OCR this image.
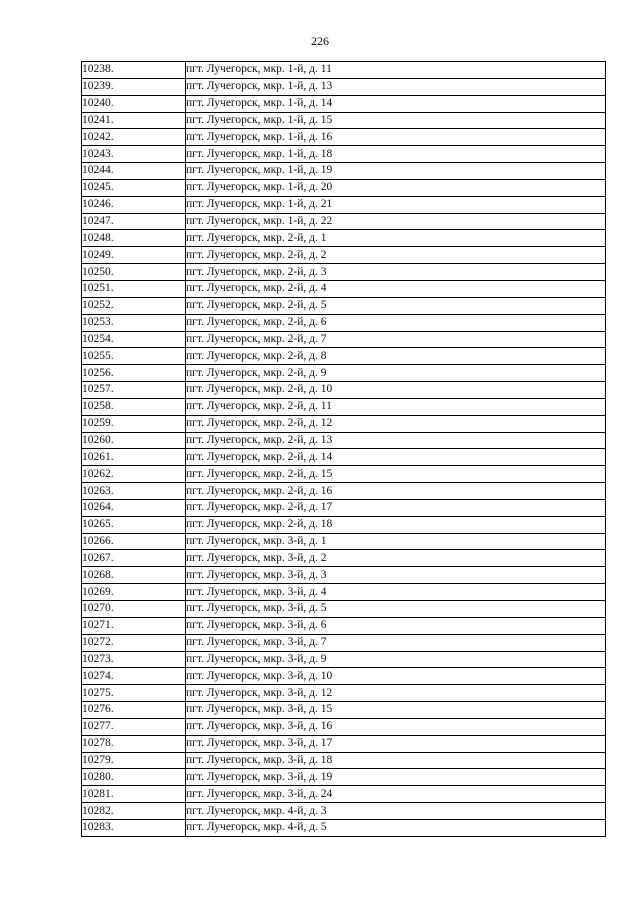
226
10238.	пгт. Лучегорск, мкр. 1-й, д. 11
10239.	пгт. Лучегорск, мкр. 1-й, д. 13
10240.	пгт. Лучегорск, мкр. 1-й, д. 14
10241.	пгт. Лучегорск, мкр. 1-й, д. 15
10242.	пгт. Лучегорск, мкр. 1-й, д. 16
10243.	пгт. Лучегорск, мкр. 1-й, д. 18
10244.	пгт. Лучегорск, мкр. 1-й, д. 19
10245.	пгт. Лучегорск, мкр. 1-й, д. 20
10246.	пгт. Лучегорск, мкр. 1-й, д. 21
10247.	пгт. Лучегорск, мкр. 1-й, д. 22
10248.	пгт. Лучегорск, мкр. 2-й, д. 1
10249.	пгт. Лучегорск, мкр. 2-й, д. 2
10250.	пгт. Лучегорск, мкр. 2-й, д. 3
10251.	пгт. Лучегорск, мкр. 2-й, д. 4
10252.	пгт. Лучегорск, мкр. 2-й, д. 5
10253.	пгт. Лучегорск, мкр. 2-й, д. 6
10254.	пгт. Лучегорск, мкр. 2-й, д. 7
10255.	пгт. Лучегорск, мкр. 2-й, д. 8
10256.	пгт. Лучегорск, мкр. 2-й, д. 9
10257.	пгт. Лучегорск, мкр. 2-й, д. 10
10258.	пгт. Лучегорск, мкр. 2-й, д. 11
10259.	пгт. Лучегорск, мкр. 2-й, д. 12
10260.	пгт. Лучегорск, мкр. 2-й, д. 13
10261.	пгт. Лучегорск, мкр. 2-й, д. 14
10262.	пгт. Лучегорск, мкр. 2-й, д. 15
10263.	пгт. Лучегорск, мкр. 2-й, д. 16
10264.	пгт. Лучегорск, мкр. 2-й, д. 17
10265.	пгт. Лучегорск, мкр. 2-й, д. 18
10266.	пгт. Лучегорск, мкр. 3-й, д. 1
10267.	пгт. Лучегорск, мкр. 3-й, д. 2
10268.	пгт. Лучегорск, мкр. 3-й, д. 3
10269.	пгт. Лучегорск, мкр. 3-й, д. 4
10270.	пгт. Лучегорск, мкр. 3-й, д. 5
10271.	пгт. Лучегорск, мкр. 3-й, д. 6
10272.	пгт. Лучегорск, мкр. 3-й, д. 7
10273.	пгт. Лучегорск, мкр. 3-й, д. 9
10274.	пгт. Лучегорск, мкр. 3-й, д. 10
10275.	пгт. Лучегорск, мкр. 3-й, д. 12
10276.	пгт. Лучегорск, мкр. 3-й, д. 15
10277.	пгт. Лучегорск, мкр. 3-й, д. 16
10278.	пгт. Лучегорск, мкр. 3-й, д. 17
10279.	пгт. Лучегорск, мкр. 3-й, д. 18
10280.	пгт. Лучегорск, мкр. 3-й, д. 19
10281.	пгт. Лучегорск, мкр. 3-й, д. 24
10282.	пгт. Лучегорск, мкр. 4-й, д. 3
10283.	пгт. Лучегорск, мкр. 4-й, д. 5
